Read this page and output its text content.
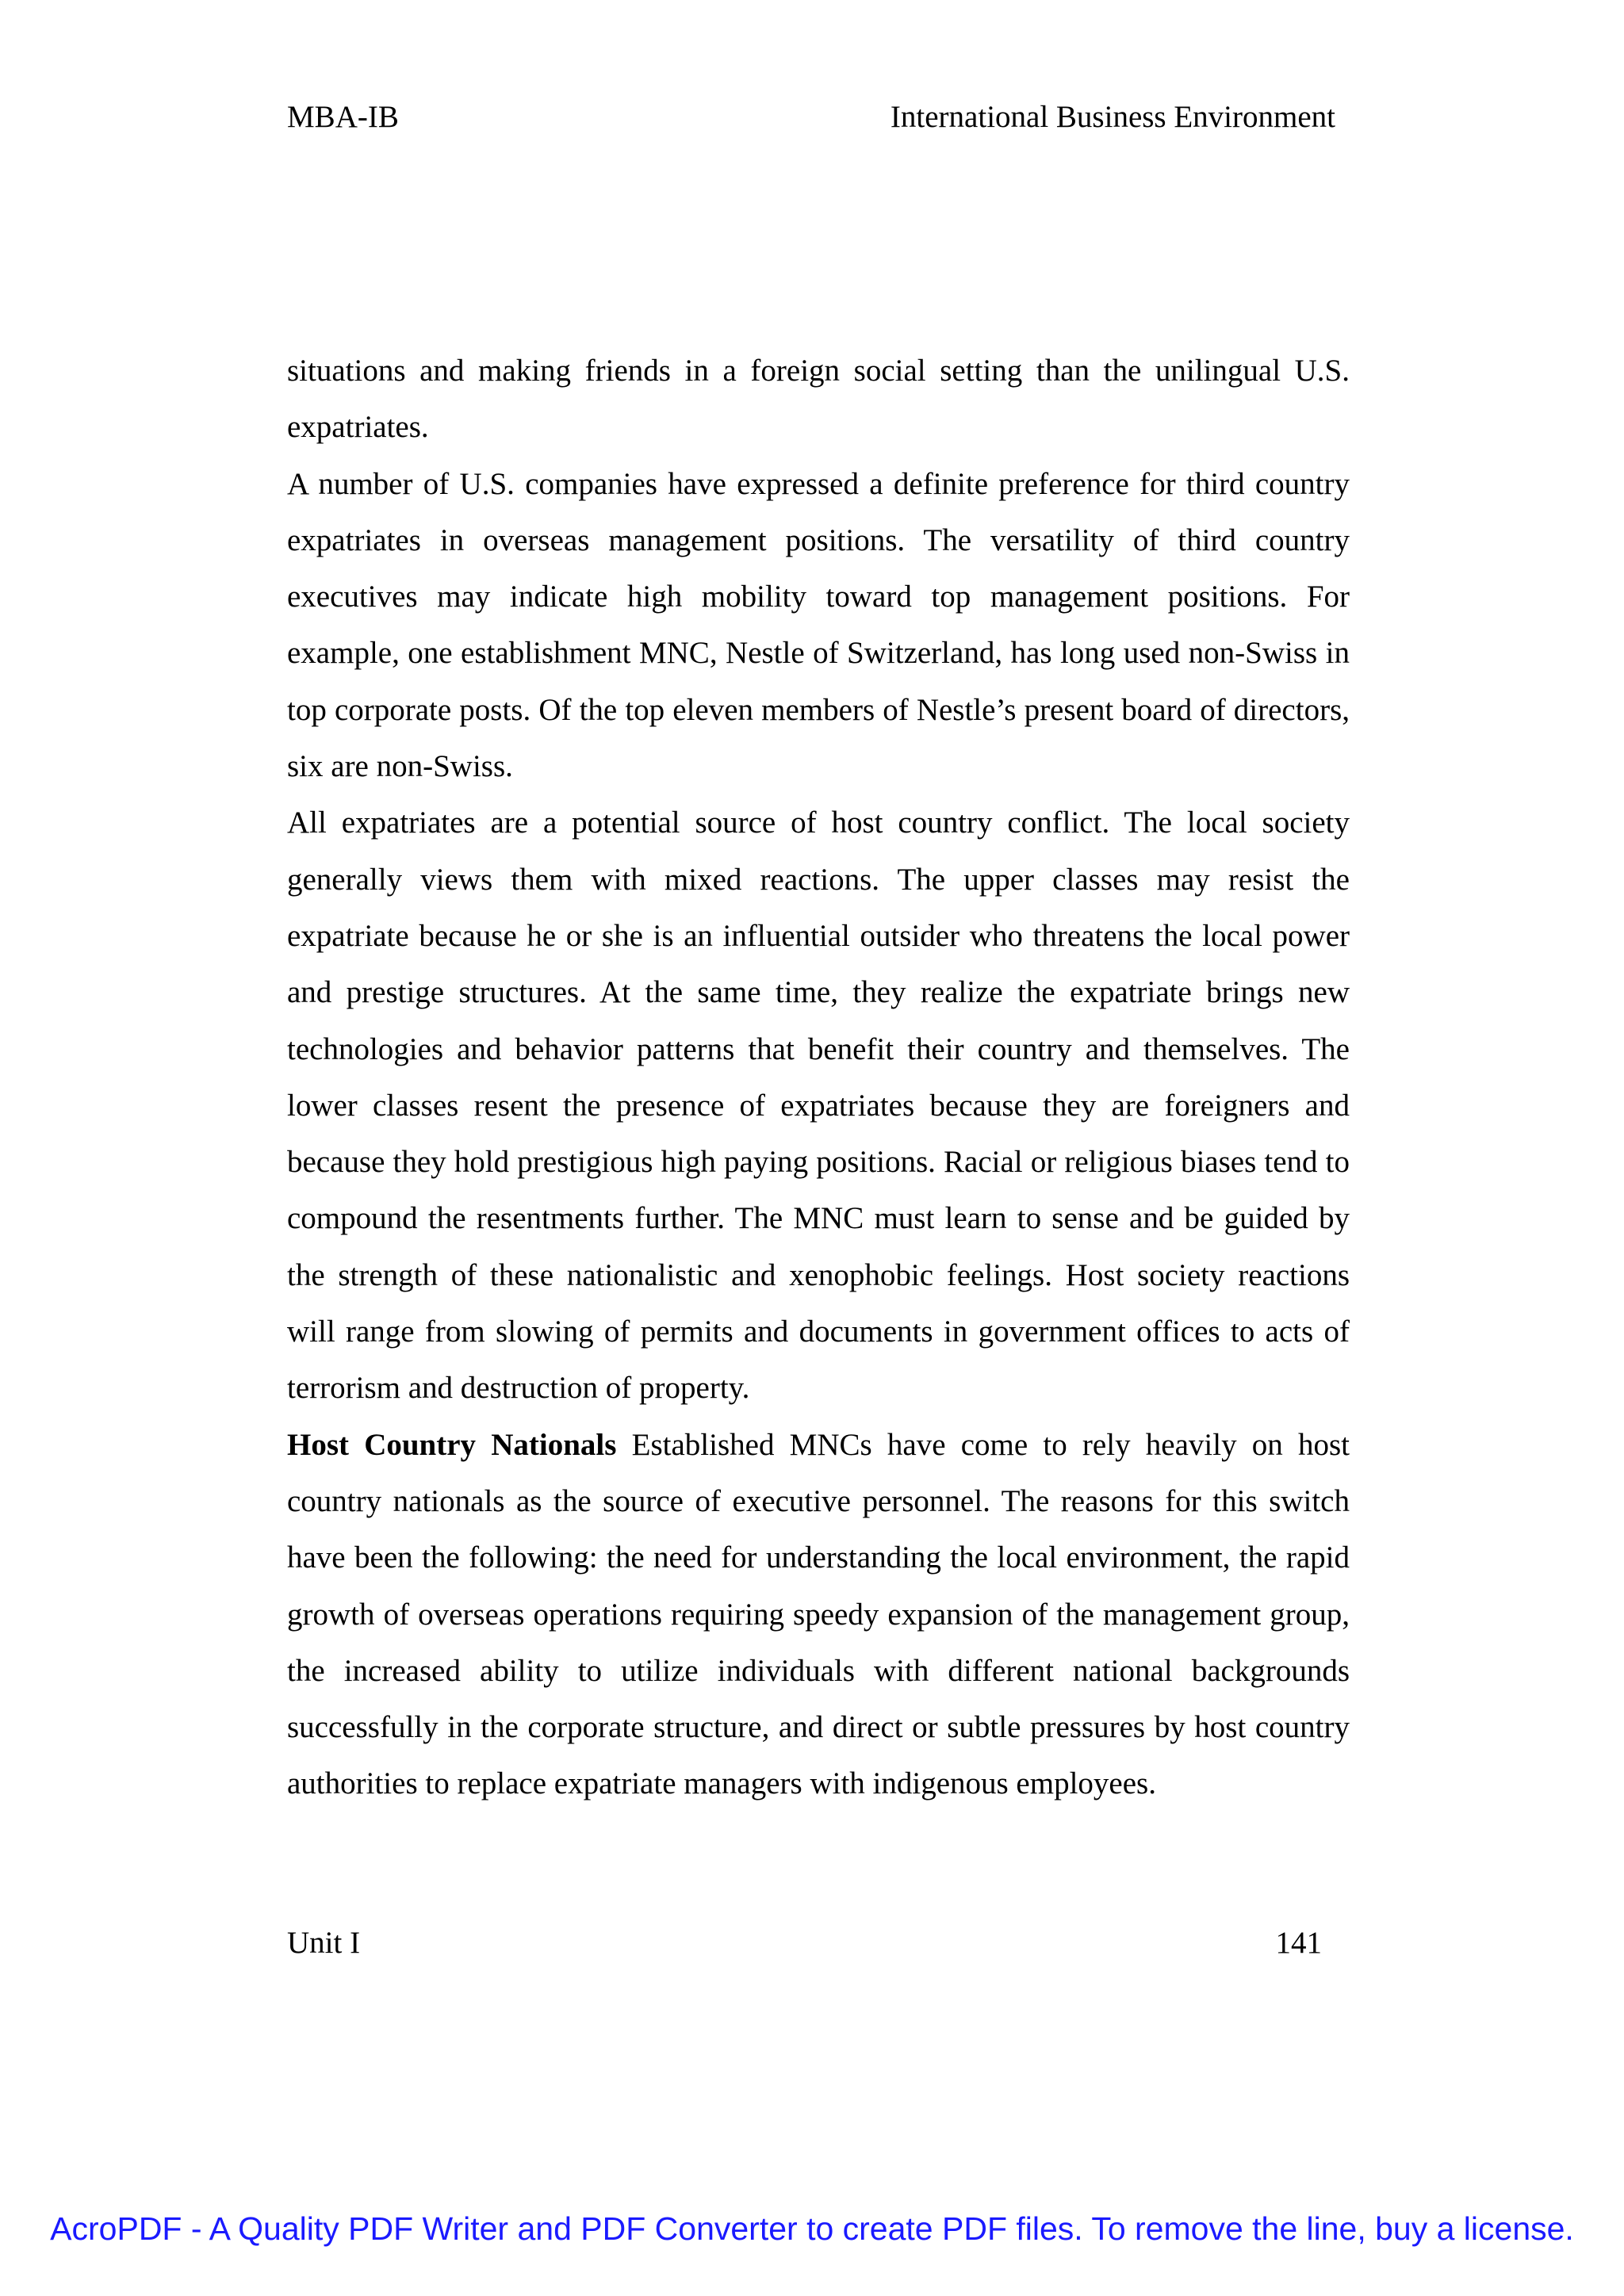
MBA-IB	International Business Environment

situations and making friends in a foreign social setting than the unilingual U.S. expatriates.

A number of U.S. companies have expressed a definite preference for third country expatriates in overseas management positions. The versatility of third country executives may indicate high mobility toward top management positions. For example, one establishment MNC, Nestle of Switzerland, has long used non-Swiss in top corporate posts. Of the top eleven members of Nestle’s present board of directors, six are non-Swiss.

All expatriates are a potential source of host country conflict. The local society generally views them with mixed reactions. The upper classes may resist the expatriate because he or she is an influential outsider who threatens the local power and prestige structures. At the same time, they realize the expatriate brings new technologies and behavior patterns that benefit their country and themselves. The lower classes resent the presence of expatriates because they are foreigners and because they hold prestigious high paying positions. Racial or religious biases tend to compound the resentments further. The MNC must learn to sense and be guided by the strength of these nationalistic and xenophobic feelings. Host society reactions will range from slowing of permits and documents in government offices to acts of terrorism and destruction of property.

Host Country Nationals Established MNCs have come to rely heavily on host country nationals as the source of executive personnel. The reasons for this switch have been the following: the need for understanding the local environment, the rapid growth of overseas operations requiring speedy expansion of the management group, the increased ability to utilize individuals with different national backgrounds successfully in the corporate structure, and direct or subtle pressures by host country authorities to replace expatriate managers with indigenous employees.

Unit I	141
AcroPDF - A Quality PDF Writer and PDF Converter to create PDF files. To remove the line, buy a license.
